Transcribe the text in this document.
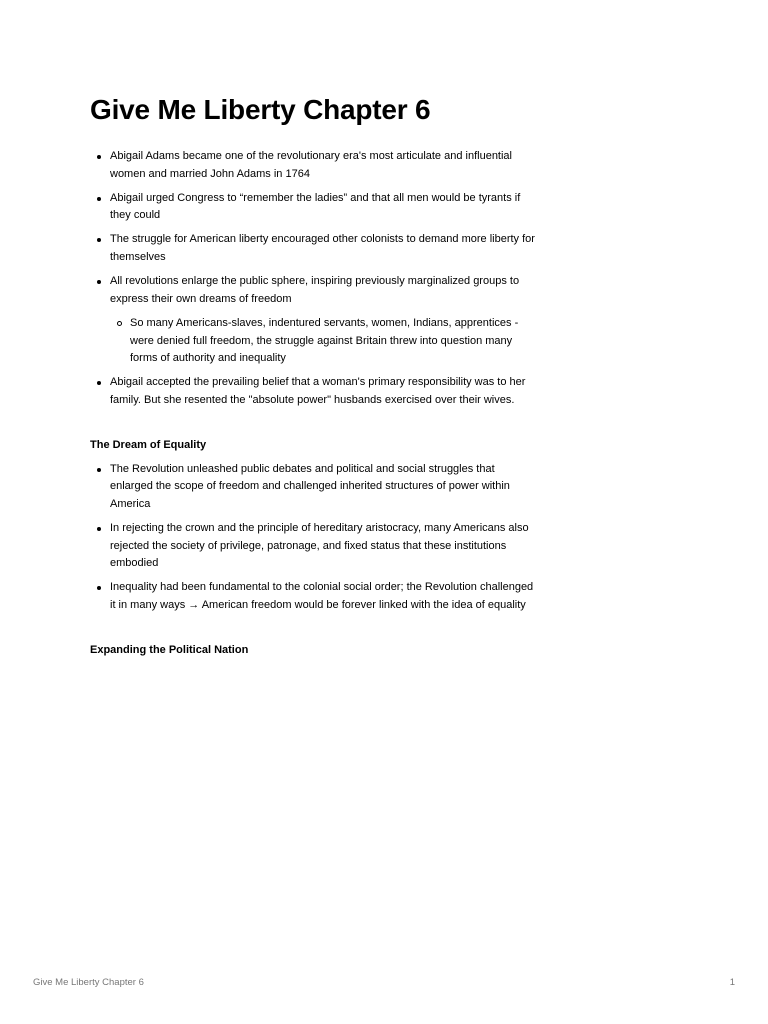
Give Me Liberty Chapter 6
Abigail Adams became one of the revolutionary era's most articulate and influential women and married John Adams in 1764
Abigail urged Congress to “remember the ladies” and that all men would be tyrants if they could
The struggle for American liberty encouraged other colonists to demand more liberty for themselves
All revolutions enlarge the public sphere, inspiring previously marginalized groups to express their own dreams of freedom
So many Americans-slaves, indentured servants, women, Indians, apprentices - were denied full freedom, the struggle against Britain threw into question many forms of authority and inequality
Abigail accepted the prevailing belief that a woman's primary responsibility was to her family. But she resented the "absolute power" husbands exercised over their wives.
The Dream of Equality
The Revolution unleashed public debates and political and social struggles that enlarged the scope of freedom and challenged inherited structures of power within America
In rejecting the crown and the principle of hereditary aristocracy, many Americans also rejected the society of privilege, patronage, and fixed status that these institutions embodied
Inequality had been fundamental to the colonial social order; the Revolution challenged it in many ways → American freedom would be forever linked with the idea of equality
Expanding the Political Nation
Give Me Liberty Chapter 6	1
